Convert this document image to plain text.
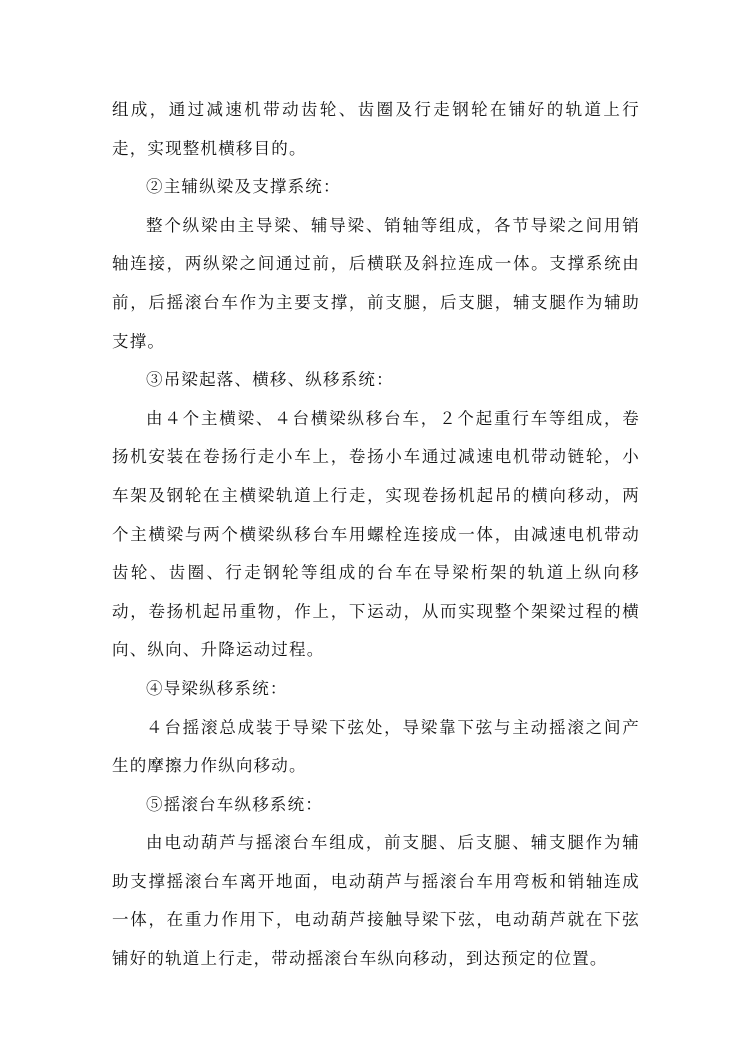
组成，通过减速机带动齿轮、齿圈及行走钢轮在铺好的轨道上行走，实现整机横移目的。

②主辅纵梁及支撑系统：

整个纵梁由主导梁、辅导梁、销轴等组成，各节导梁之间用销轴连接，两纵梁之间通过前，后横联及斜拉连成一体。支撑系统由前，后摇滚台车作为主要支撑，前支腿，后支腿，辅支腿作为辅助支撑。

③吊梁起落、横移、纵移系统：

由４个主横梁、４台横梁纵移台车，２个起重行车等组成，卷扬机安装在卷扬行走小车上，卷扬小车通过减速电机带动链轮，小车架及钢轮在主横梁轨道上行走，实现卷扬机起吊的横向移动，两个主横梁与两个横梁纵移台车用螺栓连接成一体，由减速电机带动齿轮、齿圈、行走钢轮等组成的台车在导梁桁架的轨道上纵向移动，卷扬机起吊重物，作上，下运动，从而实现整个架梁过程的横向、纵向、升降运动过程。

④导梁纵移系统：

４台摇滚总成装于导梁下弦处，导梁靠下弦与主动摇滚之间产生的摩擦力作纵向移动。

⑤摇滚台车纵移系统：

由电动葫芦与摇滚台车组成，前支腿、后支腿、辅支腿作为辅助支撑摇滚台车离开地面，电动葫芦与摇滚台车用弯板和销轴连成一体，在重力作用下，电动葫芦接触导梁下弦，电动葫芦就在下弦铺好的轨道上行走，带动摇滚台车纵向移动，到达预定的位置。
